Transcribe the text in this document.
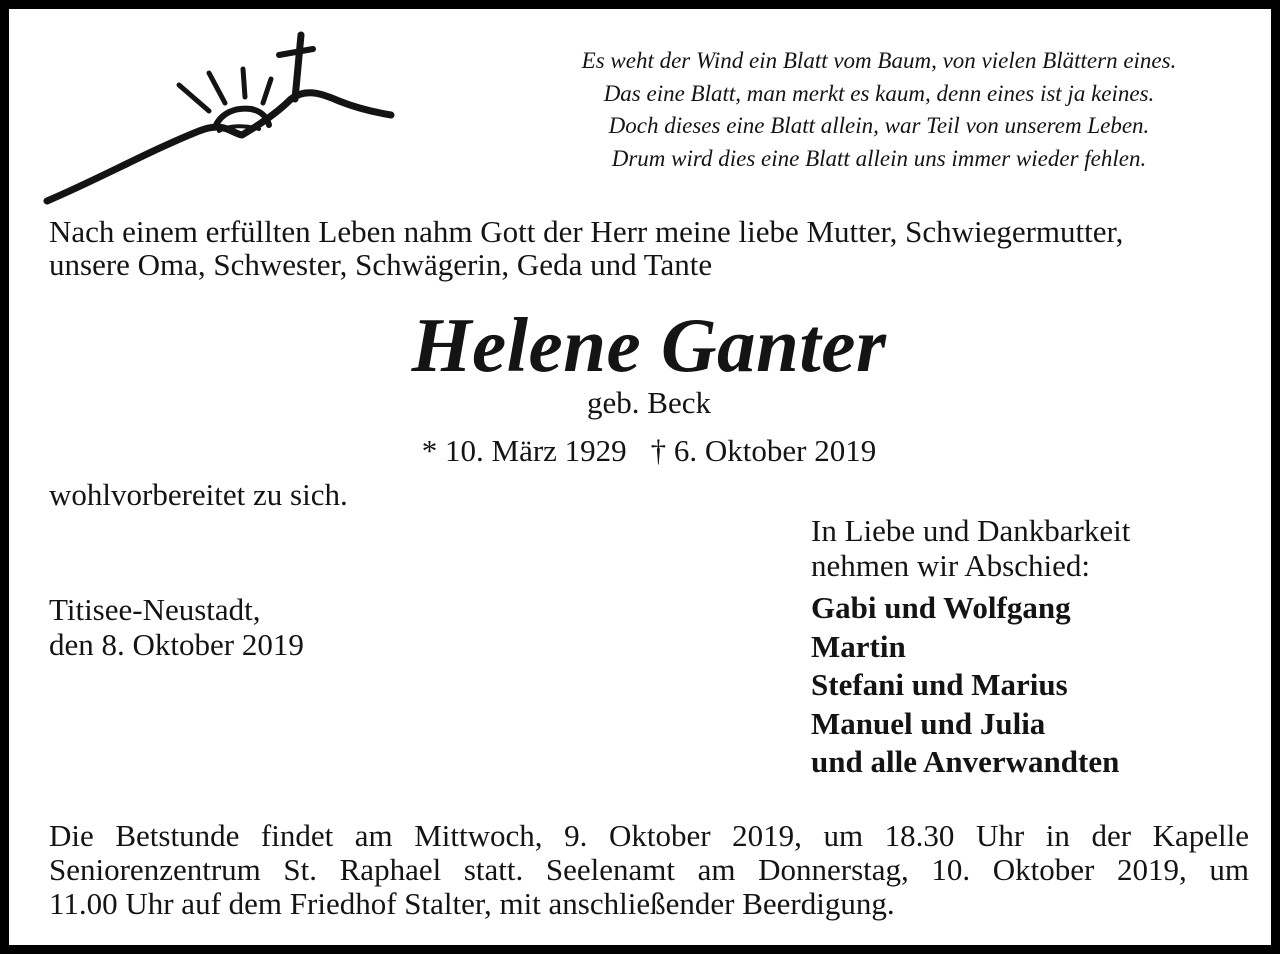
Es weht der Wind ein Blatt vom Baum, von vielen Blättern eines.
Das eine Blatt, man merkt es kaum, denn eines ist ja keines.
Doch dieses eine Blatt allein, war Teil von unserem Leben.
Drum wird dies eine Blatt allein uns immer wieder fehlen.
Nach einem erfüllten Leben nahm Gott der Herr meine liebe Mutter, Schwiegermutter,
unsere Oma, Schwester, Schwägerin, Geda und Tante
Helene Ganter
geb. Beck
* 10. März 1929 † 6. Oktober 2019
wohlvorbereitet zu sich.
Titisee-Neustadt,
den 8. Oktober 2019
In Liebe und Dankbarkeit
nehmen wir Abschied:
Gabi und Wolfgang
Martin
Stefani und Marius
Manuel und Julia
und alle Anverwandten
Die Betstunde findet am Mittwoch, 9. Oktober 2019, um 18.30 Uhr in der Kapelle
Seniorenzentrum St. Raphael statt. Seelenamt am Donnerstag, 10. Oktober 2019, um
11.00 Uhr auf dem Friedhof Stalter, mit anschließender Beerdigung.
